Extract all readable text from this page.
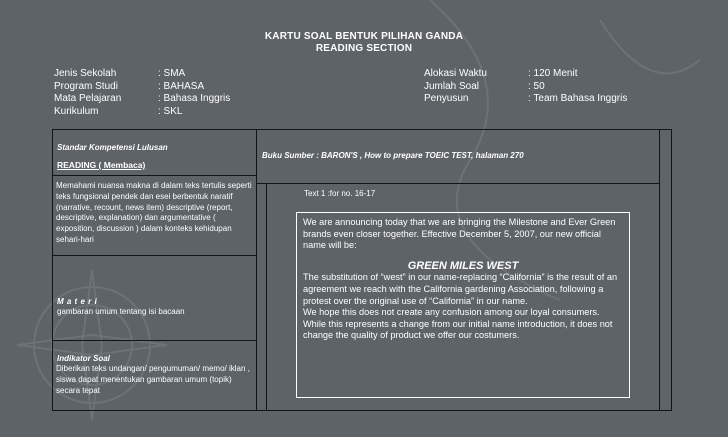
KARTU SOAL BENTUK PILIHAN GANDA
READING SECTION
Jenis Sekolah
Program Studi
Mata Pelajaran
Kurikulum
: SMA
: BAHASA
: Bahasa Inggris
: SKL
Alokasi Waktu
Jumlah Soal
Penyusun
: 120 Menit
: 50
: Team Bahasa Inggris
Standar Kompetensi Lulusan
READING ( Membaca)
Memahami nuansa makna di dalam teks tertulis seperti teks fungsional pendek dan esei berbentuk naratif (narrative, recount, news item) descriptive (report, descriptive, explanation) dan argumentative ( exposition, discussion ) dalam konteks kehidupan sehari-hari
M a t e r i
gambaran umum tentang isi bacaan
Indikator Soal
Diberikan teks undangan/ pengumuman/ memo/ iklan , siswa dapat menentukan gambaran umum (topik) secara tepat
Buku Sumber : BARON'S , How to prepare TOEIC TEST, halaman 270
Text 1 :for no. 16-17

We are announcing today that we are bringing the Milestone and Ever Green brands even closer together. Effective December 5, 2007, our new official name will be:

__________________
GREEN MILES WEST

The substitution of “west” in our name-replacing “California” is the result of an agreement we reach with the California gardening Association, following a protest over the original use of “California” in our name.

We hope this does not create any confusion among our loyal consumers. While this represents a change from our initial name introduction, it does not change the quality of product we offer our costumers.
